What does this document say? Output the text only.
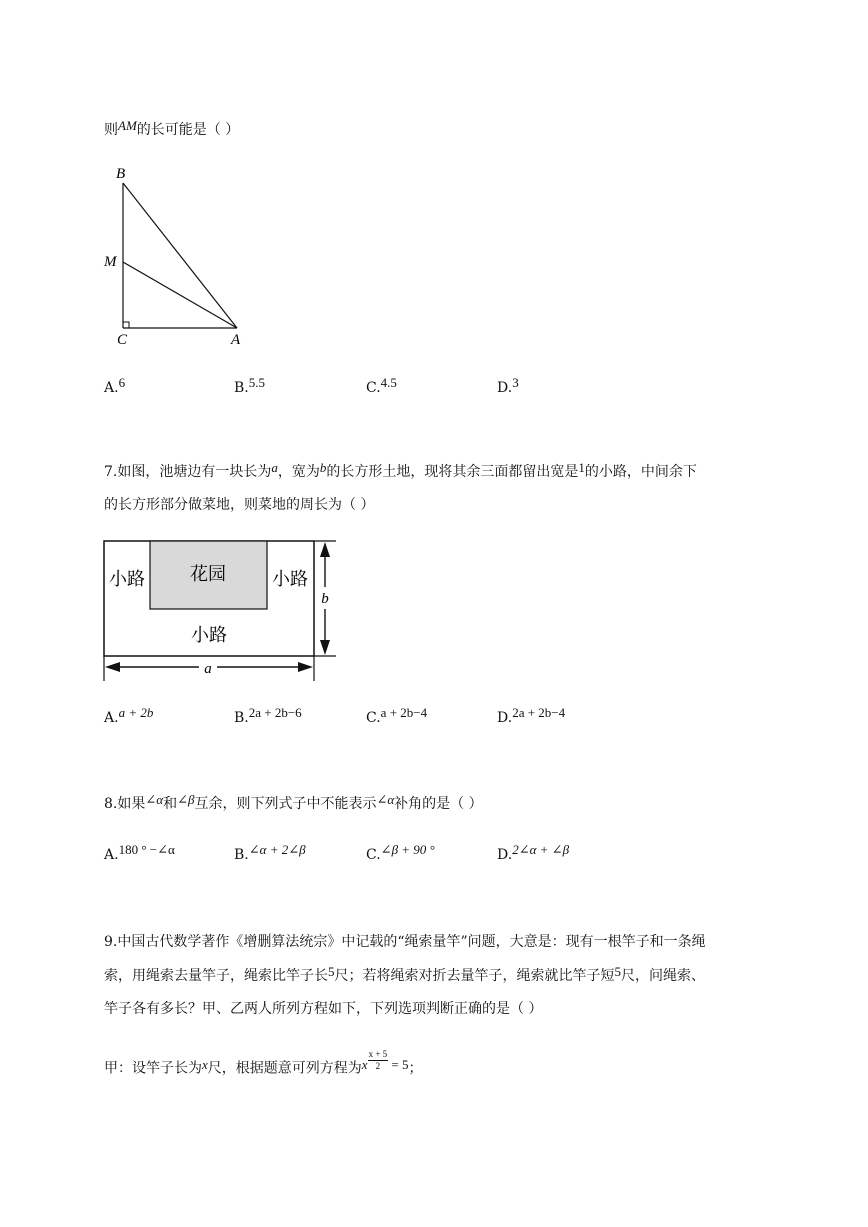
则AM的长可能是（ ）
B
M
C	A
A.6	B.5.5	C.4.5	D.3
7.如图，池塘边有一块长为a，宽为b的长方形土地，现将其余三面都留出宽是1的小路，中间余下
的长方形部分做菜地，则菜地的周长为（ ）
花园
小路	小路
小路
b
a
A.a + 2b	B.2a + 2b−6	C.a + 2b−4	D.2a + 2b−4
8.如果∠α和∠β互余，则下列式子中不能表示∠α补角的是（ ）
A.180 ° −∠α	B.∠α + 2∠β	C.∠β + 90 °	D.2∠α + ∠β
9.中国古代数学著作《增删算法统宗》中记载的“绳索量竿”问题，大意是：现有一根竿子和一条绳
索，用绳索去量竿子，绳索比竿子长5尺；若将绳索对折去量竿子，绳索就比竿子短5尺，问绳索、
竿子各有多长？甲、乙两人所列方程如下，下列选项判断正确的是（ ）
甲：设竿子长为x尺，根据题意可列方程为x $\frac{x + 5}{2} = 5$；
